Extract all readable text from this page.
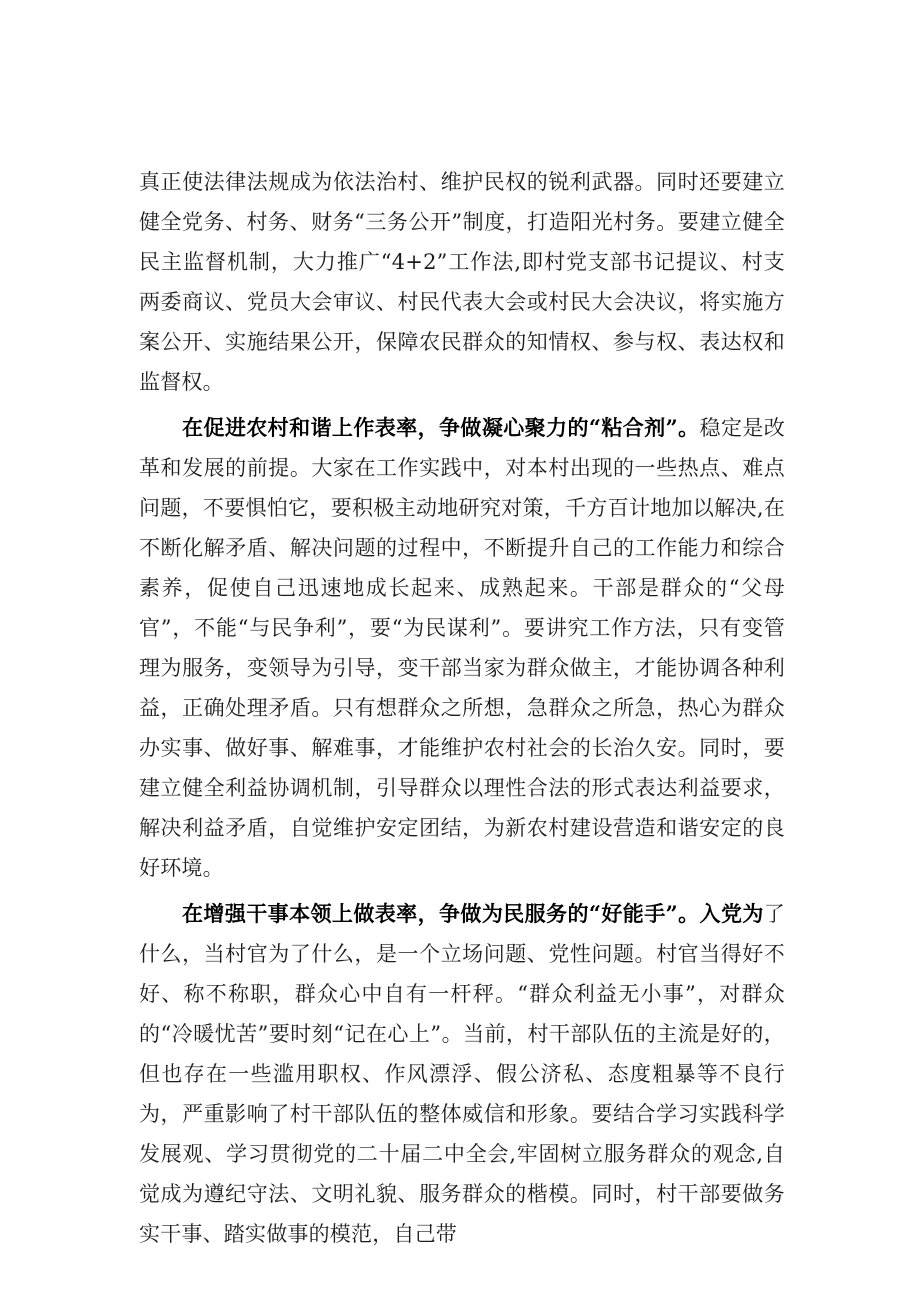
真正使法律法规成为依法治村、维护民权的锐利武器。同时还要建立健全党务、村务、财务“三务公开”制度，打造阳光村务。要建立健全民主监督机制，大力推广“4+2”工作法,即村党支部书记提议、村支两委商议、党员大会审议、村民代表大会或村民大会决议，将实施方案公开、实施结果公开，保障农民群众的知情权、参与权、表达权和监督权。

在促进农村和谐上作表率，争做凝心聚力的“粘合剂”。稳定是改革和发展的前提。大家在工作实践中，对本村出现的一些热点、难点问题，不要惧怕它，要积极主动地研究对策，千方百计地加以解决,在不断化解矛盾、解决问题的过程中，不断提升自己的工作能力和综合素养，促使自己迅速地成长起来、成熟起来。干部是群众的“父母官”，不能“与民争利”，要“为民谋利”。要讲究工作方法，只有变管理为服务，变领导为引导，变干部当家为群众做主，才能协调各种利益，正确处理矛盾。只有想群众之所想，急群众之所急，热心为群众办实事、做好事、解难事，才能维护农村社会的长治久安。同时，要建立健全利益协调机制，引导群众以理性合法的形式表达利益要求，解决利益矛盾，自觉维护安定团结，为新农村建设营造和谐安定的良好环境。

在增强干事本领上做表率，争做为民服务的“好能手”。入党为了什么，当村官为了什么，是一个立场问题、党性问题。村官当得好不好、称不称职，群众心中自有一杆秤。“群众利益无小事”，对群众的“冷暖忧苦”要时刻“记在心上”。当前，村干部队伍的主流是好的，但也存在一些滥用职权、作风漂浮、假公济私、态度粗暴等不良行为，严重影响了村干部队伍的整体威信和形象。要结合学习实践科学发展观、学习贯彻党的二十届二中全会,牢固树立服务群众的观念,自觉成为遵纪守法、文明礼貌、服务群众的楷模。同时，村干部要做务实干事、踏实做事的模范，自己带
